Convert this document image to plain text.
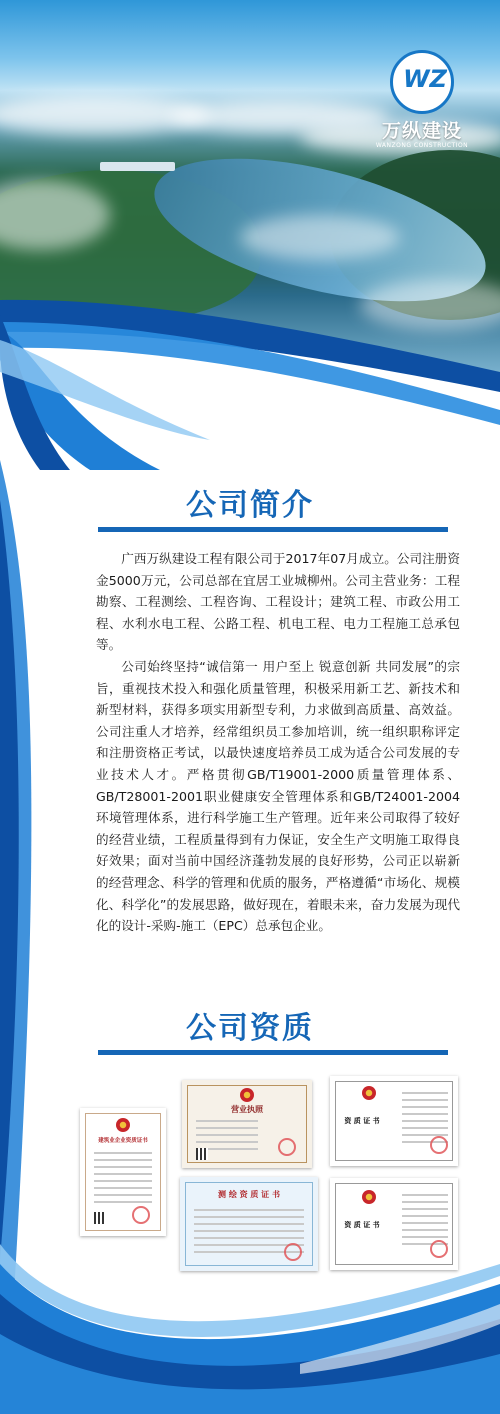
WZ
万纵建设
WANZONG CONSTRUCTION
公司简介

广西万纵建设工程有限公司于2017年07月成立。公司注册资金5000万元，公司总部在宜居工业城柳州。公司主营业务：工程勘察、工程测绘、工程咨询、工程设计；建筑工程、市政公用工程、水利水电工程、公路工程、机电工程、电力工程施工总承包等。

公司始终坚持“诚信第一 用户至上 锐意创新 共同发展”的宗旨，重视技术投入和强化质量管理，积极采用新工艺、新技术和新型材料，获得多项实用新型专利，力求做到高质量、高效益。公司注重人才培养，经常组织员工参加培训，统一组织职称评定和注册资格正考试，以最快速度培养员工成为适合公司发展的专业技术人才。严格贯彻GB/T19001-2000质量管理体系、GB/T28001-2001职业健康安全管理体系和GB/T24001-2004环境管理体系，进行科学施工生产管理。近年来公司取得了较好的经营业绩，工程质量得到有力保证，安全生产文明施工取得良好效果；面对当前中国经济蓬勃发展的良好形势，公司正以崭新的经营理念、科学的管理和优质的服务，严格遵循“市场化、规模化、科学化”的发展思路，做好现在，着眼未来，奋力发展为现代化的设计-采购-施工（EPC）总承包企业。

公司资质
建筑业企业资质证书
营业执照
资 质 证 书
测 绘 资 质 证 书
资 质 证 书
